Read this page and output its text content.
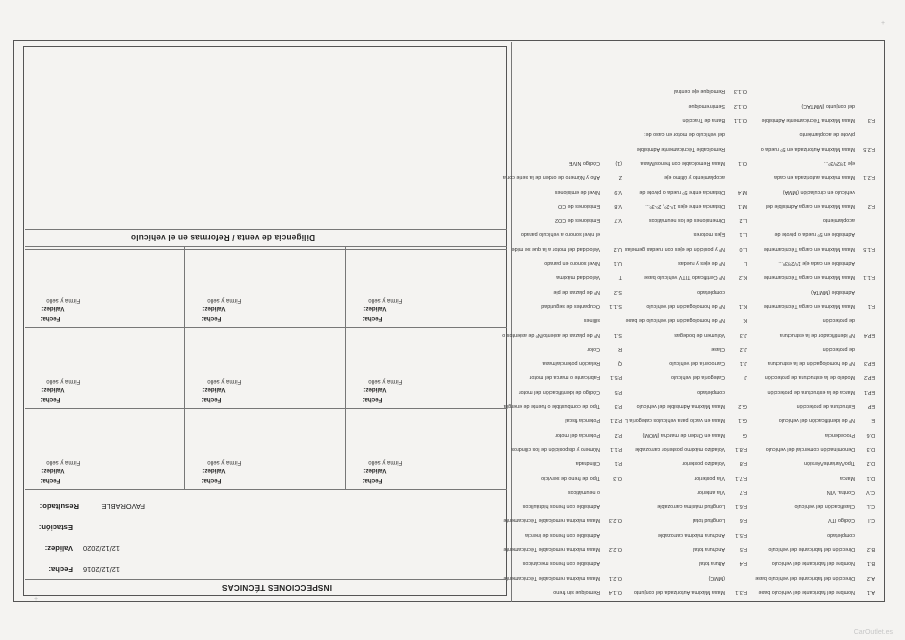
A.1
Nombre del fabricante del vehículo base
A.2
Dirección del fabricante del vehículo base
B.1
Nombre del fabricante del vehículo
B.2
Dirección del fabricante del vehículo
completado
C.I
Código ITV
C.L
Clasificación del vehículo
C.V
Contra. VIN
D.1
Marca
D.2
Tipo/Variante/Versión
D.3
Denominación comercial del vehículo
D.6
Procedencia
E
Nº de identificación del vehículo
EP
Estructura de protección
EP.1
Marca de la estructura de protección
EP.2
Modelo de la estructura de protección
EP.3
Nº de homologación de la estructura
de protección
EP.4
Nº identificador de la estructura
de protección
F.1
Masa Máxima en carga Técnicamente
Admisible (MMTA)
F.1.1
Masa Máxima en carga Técnicamente
Admisible en cada eje 1º/2º/3º...
F.1.5
Masa Máxima en carga Técnicamente
Admisible en 5º rueda o pivote de
acoplamiento
F.2
Masa Máxima en carga Admisible del
vehículo en circulación (MMA)
F.2.1
Masa máxima autorizada en cada
eje 1º/2º/3º...
F.2.5
Masa Máxima Autorizada en 5º rueda o
pivote de acoplamiento
F.3
Masa Máxima Técnicamente Admisible
del conjunto (MMTAC)
F.3.1
Masa Máxima Autorizada del conjunto
(MMC)
F.4
Altura total
F.5
Anchura total
F.5.1
Anchura máxima carrozable
F.6
Longitud total
F.6.1
Longitud máxima carrozable
F.7
Vía anterior
F.7.1
Vía posterior
F.8
Voladizo posterior
F.8.1
Voladizo máximo posterior carrozable
G
Masa en Orden de marcha (MOM)
G.1
Masa en vacío para vehículos categoría L
G.2
Masa Máxima Admisible del vehículo
completado
J
Categoría del vehículo
J.1
Carrocería del vehículo
J.2
Clase
J.3
Volumen de bodegas
K
Nº de homologación del vehículo de base
K.1
Nº de homologación del vehículo
completado
K.2
Nº Certificado TITV vehículo base
L
Nº de ejes y ruedas
L.0
Nº y posición de ejes con ruedas gemelas
L.1
Ejes motores
L.2
Dimensiones de los neumáticos
M.1
Distancia entre ejes 1º-2º, 2º-3º...
M.4
Distancia entre 5º rueda o pivote de
acoplamiento y último eje
O.1
Masa Remolcable con frenos/Masa
Remolcable Técnicamente Admisible
del vehículo de motor en caso de:
O.1.1
Barra de Tracción
O.1.2
Semirremolque
O.1.3
Remolque eje central
O.1.4
Remolque sin freno
O.2.1
Masa máxima remolcable Técnicamente
Admisible con frenos mecánicos
O.2.2
Masa máxima remolcable Técnicamente
Admisible con frenos de inercia
O.2.3
Masa máxima remolcable Técnicamente
Admisible con frenos hidráulicos
o neumáticos
O.3
Tipo de freno de servicio
P.1
Cilindrada
P.1.1
Número y disposición de los cilindros
P.2
Potencia del motor
P.2.1
Potencia fiscal
P.3
Tipo de combustible o fuente de energía
P.5
Código de identificación del motor
P.5.1
Fabricante o marca del motor
Q
Relación potencia/masa
R
Color
S.1
Nº de plazas de asiento/Nº de asientos o
sillines
S.1.1
Ocupantes de seguridad
S.2
Nº de plazas de pie
T
Velocidad máxima
U.1
Nivel sonoro en parado
U.2
Velocidad del motor a la que se mide
el nivel sonoro a vehículo parado
V.7
Emisiones de CO2
V.8
Emisiones de CO
V.9
Nivel de emisiones
Z
Año y Número de orden de la serie corta
(1)
Código NIVE
INSPECCIONES TÉCNICAS
Fecha: 12/12/2016
Validez: 12/12/2020
Estación:
Resultado:	FAVORABLE
Fecha:
Validez:
Firma y sello
Fecha:
Validez:
Firma y sello
Fecha:
Validez:
Firma y sello
Fecha:
Validez:
Firma y sello
Fecha:
Validez:
Firma y sello
Fecha:
Validez:
Firma y sello
Fecha:
Validez:
Firma y sello
Fecha:
Validez:
Firma y sello
Fecha:
Validez:
Firma y sello
Diligencia de venta / Reformas en el vehículo
+
+
CarOutlet.es
